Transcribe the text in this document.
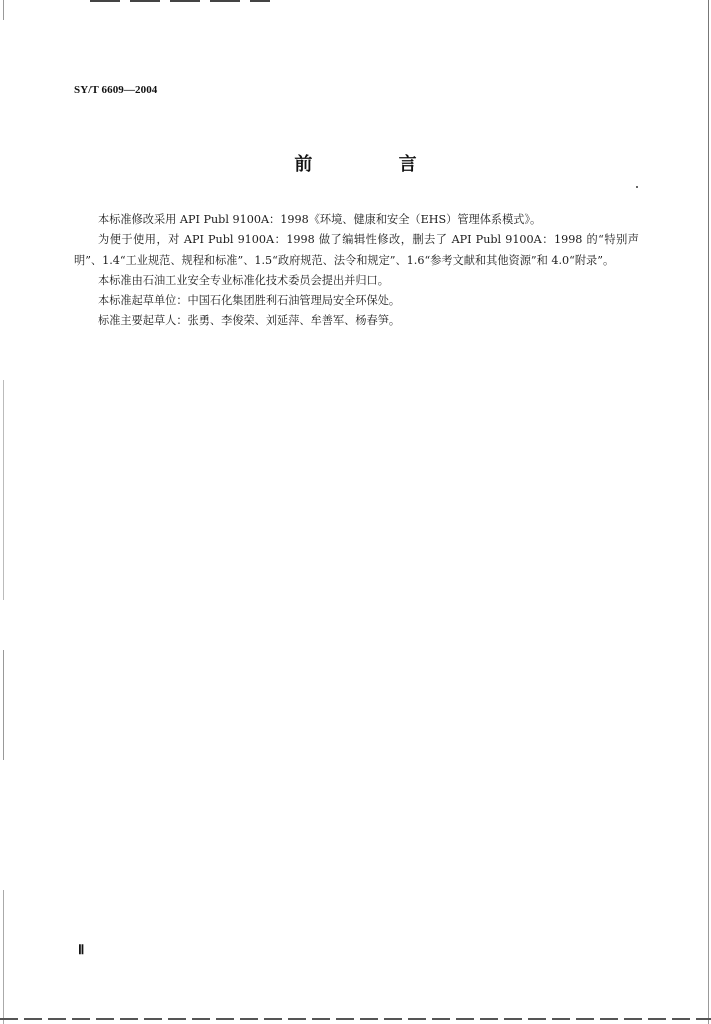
SY/T 6609—2004
前 言

本标准修改采用 API Publ 9100A：1998《环境、健康和安全（EHS）管理体系模式》。

为便于使用，对 API Publ 9100A：1998 做了编辑性修改，删去了 API Publ 9100A：1998 的“特别声明”、1.4“工业规范、规程和标准”、1.5“政府规范、法令和规定”、1.6“参考文献和其他资源”和 4.0“附录”。

本标准由石油工业安全专业标准化技术委员会提出并归口。

本标准起草单位：中国石化集团胜利石油管理局安全环保处。

标准主要起草人：张勇、李俊荣、刘延萍、牟善军、杨春笋。

Ⅱ
